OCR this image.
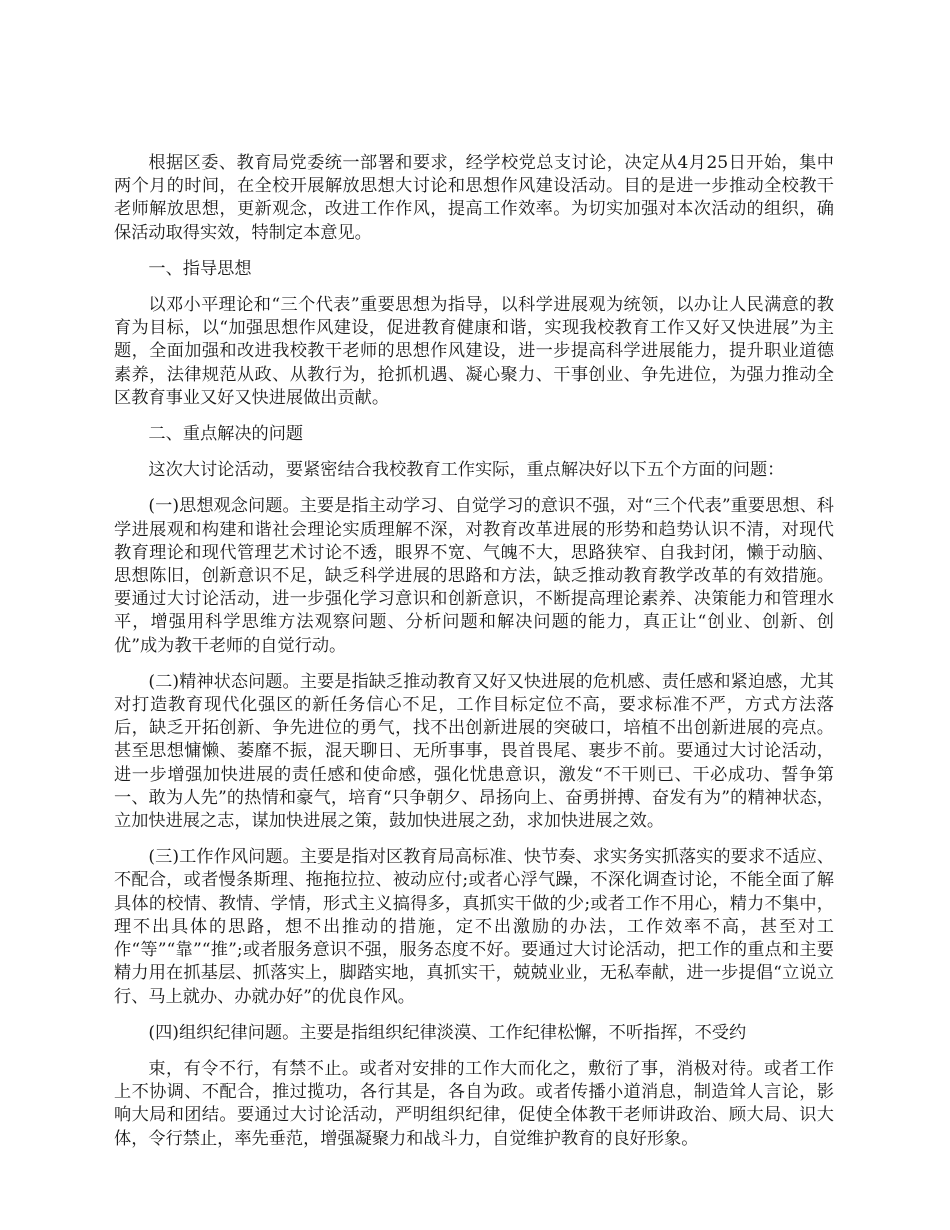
根据区委、教育局党委统一部署和要求，经学校党总支讨论，决定从4月25日开始，集中两个月的时间，在全校开展解放思想大讨论和思想作风建设活动。目的是进一步推动全校教干老师解放思想，更新观念，改进工作作风，提高工作效率。为切实加强对本次活动的组织，确保活动取得实效，特制定本意见。

一、指导思想

以邓小平理论和“三个代表”重要思想为指导，以科学进展观为统领，以办让人民满意的教育为目标，以“加强思想作风建设，促进教育健康和谐，实现我校教育工作又好又快进展”为主题，全面加强和改进我校教干老师的思想作风建设，进一步提高科学进展能力，提升职业道德素养，法律规范从政、从教行为，抢抓机遇、凝心聚力、干事创业、争先进位，为强力推动全区教育事业又好又快进展做出贡献。

二、重点解决的问题

这次大讨论活动，要紧密结合我校教育工作实际，重点解决好以下五个方面的问题：

(一)思想观念问题。主要是指主动学习、自觉学习的意识不强，对“三个代表”重要思想、科学进展观和构建和谐社会理论实质理解不深，对教育改革进展的形势和趋势认识不清，对现代教育理论和现代管理艺术讨论不透，眼界不宽、气魄不大，思路狭窄、自我封闭，懒于动脑、思想陈旧，创新意识不足，缺乏科学进展的思路和方法，缺乏推动教育教学改革的有效措施。要通过大讨论活动，进一步强化学习意识和创新意识，不断提高理论素养、决策能力和管理水平，增强用科学思维方法观察问题、分析问题和解决问题的能力，真正让“创业、创新、创优”成为教干老师的自觉行动。

(二)精神状态问题。主要是指缺乏推动教育又好又快进展的危机感、责任感和紧迫感，尤其对打造教育现代化强区的新任务信心不足，工作目标定位不高，要求标准不严，方式方法落后，缺乏开拓创新、争先进位的勇气，找不出创新进展的突破口，培植不出创新进展的亮点。甚至思想慵懒、萎靡不振，混天聊日、无所事事，畏首畏尾、裹步不前。要通过大讨论活动，进一步增强加快进展的责任感和使命感，强化忧患意识，激发“不干则已、干必成功、誓争第一、敢为人先”的热情和豪气，培育“只争朝夕、昂扬向上、奋勇拼搏、奋发有为”的精神状态，立加快进展之志，谋加快进展之策，鼓加快进展之劲，求加快进展之效。

(三)工作作风问题。主要是指对区教育局高标准、快节奏、求实务实抓落实的要求不适应、不配合，或者慢条斯理、拖拖拉拉、被动应付;或者心浮气躁，不深化调查讨论，不能全面了解具体的校情、教情、学情，形式主义搞得多，真抓实干做的少;或者工作不用心，精力不集中，理不出具体的思路，想不出推动的措施，定不出激励的办法，工作效率不高，甚至对工作“等”“靠”“推”;或者服务意识不强，服务态度不好。要通过大讨论活动，把工作的重点和主要精力用在抓基层、抓落实上，脚踏实地，真抓实干，兢兢业业，无私奉献，进一步提倡“立说立行、马上就办、办就办好”的优良作风。

(四)组织纪律问题。主要是指组织纪律淡漠、工作纪律松懈，不听指挥，不受约

束，有令不行，有禁不止。或者对安排的工作大而化之，敷衍了事，消极对待。或者工作上不协调、不配合，推过揽功，各行其是，各自为政。或者传播小道消息，制造耸人言论，影响大局和团结。要通过大讨论活动，严明组织纪律，促使全体教干老师讲政治、顾大局、识大体，令行禁止，率先垂范，增强凝聚力和战斗力，自觉维护教育的良好形象。
